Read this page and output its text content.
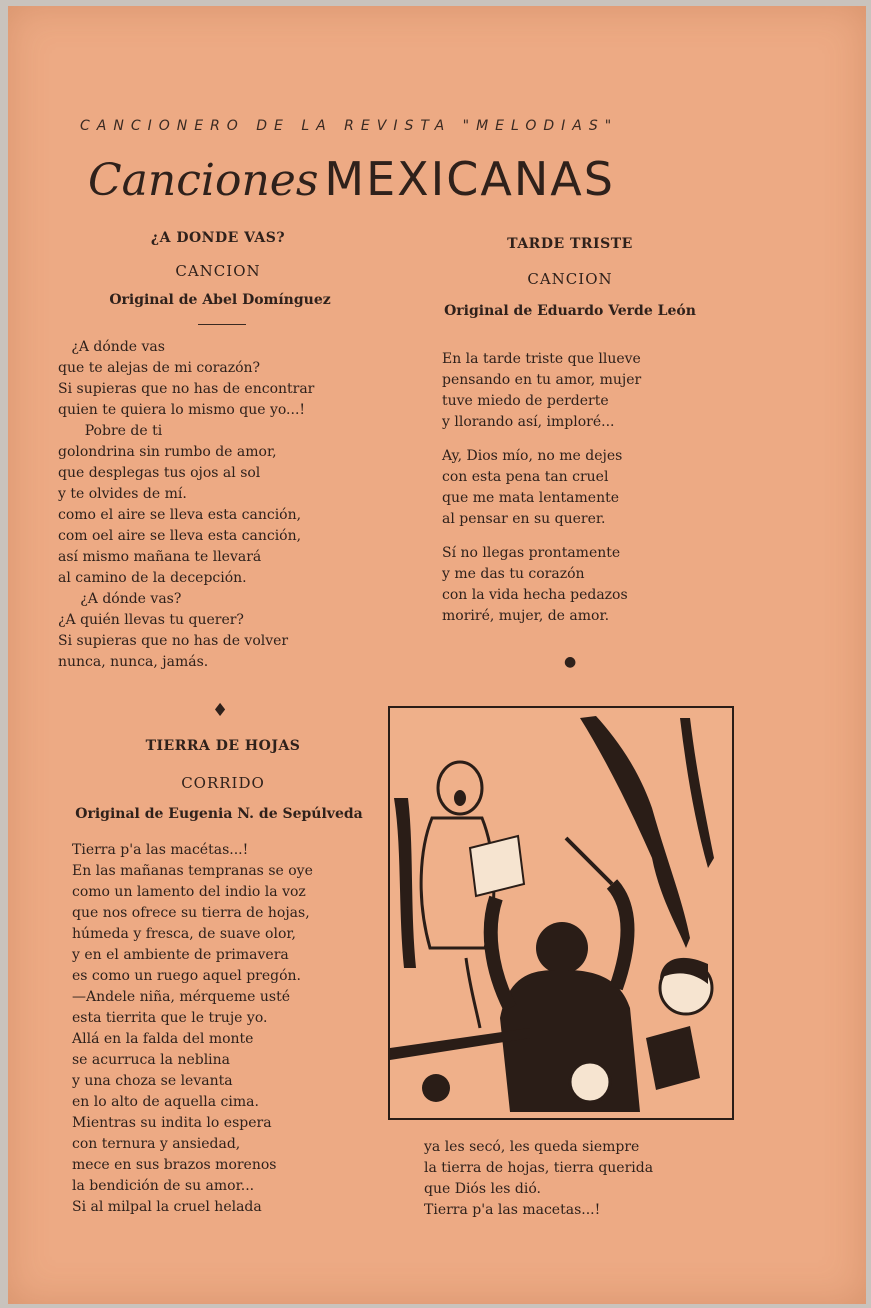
CANCIONERO DE LA REVISTA "MELODIAS"
Canciones MEXICANAS
¿A DONDE VAS?
CANCION
Original de Abel Domínguez
¿A dónde vas
que te alejas de mi corazón?
Si supieras que no has de encontrar
quien te quiera lo mismo que yo...!
Pobre de ti
golondrina sin rumbo de amor,
que desplegas tus ojos al sol
y te olvides de mí.
como el aire se lleva esta canción,
com oel aire se lleva esta canción,
así mismo mañana te llevará
al camino de la decepción.
¿A dónde vas?
¿A quién llevas tu querer?
Si supieras que no has de volver
nunca, nunca, jamás.
TARDE TRISTE
CANCION
Original de Eduardo Verde León
En la tarde triste que llueve
pensando en tu amor, mujer
tuve miedo de perderte
y llorando así, imploré...
Ay, Dios mío, no me dejes
con esta pena tan cruel
que me mata lentamente
al pensar en su querer.
Sí no llegas prontamente
y me das tu corazón
con la vida hecha pedazos
moriré, mujer, de amor.
●
♦
TIERRA DE HOJAS
CORRIDO
Original de Eugenia N. de Sepúlveda
Tierra p'a las macétas...!
En las mañanas tempranas se oye
como un lamento del indio la voz
que nos ofrece su tierra de hojas,
húmeda y fresca, de suave olor,
y en el ambiente de primavera
es como un ruego aquel pregón.
—Andele niña, mérqueme usté
esta tierrita que le truje yo.
Allá en la falda del monte
se acurruca la neblina
y una choza se levanta
en lo alto de aquella cima.
Mientras su indita lo espera
con ternura y ansiedad,
mece en sus brazos morenos
la bendición de su amor...
Si al milpal la cruel helada
ya les secó, les queda siempre
la tierra de hojas, tierra querida
que Diós les dió.
Tierra p'a las macetas...!
